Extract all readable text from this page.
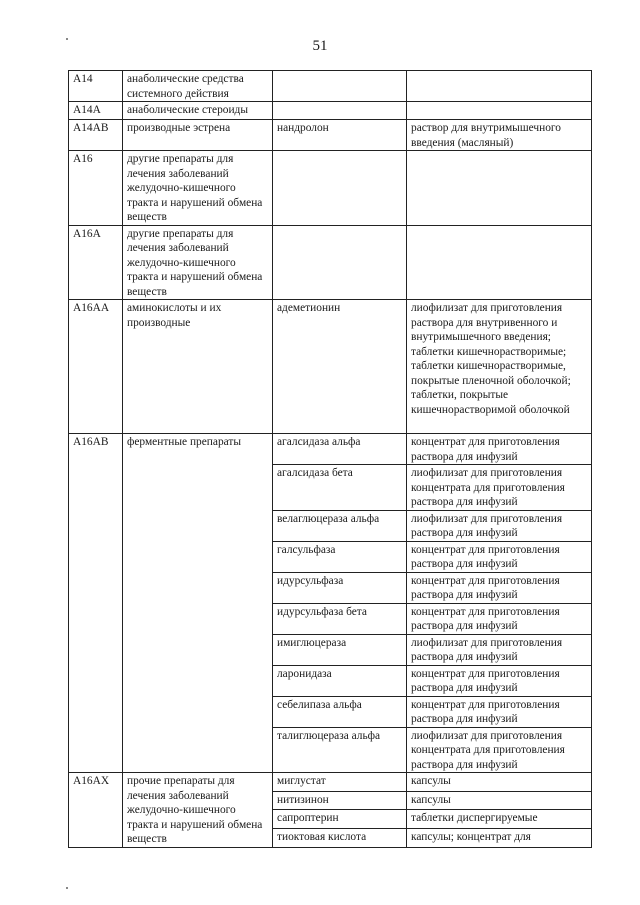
51
A14	анаболические средства системного действия		
A14A	анаболические стероиды		
A14AB	производные эстрена	нандролон	раствор для внутримышечного введения (масляный)
A16	другие препараты для лечения заболеваний желудочно-кишечного тракта и нарушений обмена веществ		
A16A	другие препараты для лечения заболеваний желудочно-кишечного тракта и нарушений обмена веществ		
A16AA	аминокислоты и их производные	адеметионин	лиофилизат для приготовления раствора для внутривенного и внутримышечного введения; таблетки кишечнорастворимые; таблетки кишечнорастворимые, покрытые пленочной оболочкой; таблетки, покрытые кишечнорастворимой оболочкой
A16AB	ферментные препараты	агалсидаза альфа	концентрат для приготовления раствора для инфузий
		агалсидаза бета	лиофилизат для приготовления концентрата для приготовления раствора для инфузий
		велаглюцераза альфа	лиофилизат для приготовления раствора для инфузий
		галсульфаза	концентрат для приготовления раствора для инфузий
		идурсульфаза	концентрат для приготовления раствора для инфузий
		идурсульфаза бета	концентрат для приготовления раствора для инфузий
		имиглюцераза	лиофилизат для приготовления раствора для инфузий
		ларонидаза	концентрат для приготовления раствора для инфузий
		себелипаза альфа	концентрат для приготовления раствора для инфузий
		талиглюцераза альфа	лиофилизат для приготовления концентрата для приготовления раствора для инфузий
A16AX	прочие препараты для лечения заболеваний желудочно-кишечного тракта и нарушений обмена веществ	миглустат	капсулы
		нитизинон	капсулы
		сапроптерин	таблетки диспергируемые
		тиоктовая кислота	капсулы; концентрат для
